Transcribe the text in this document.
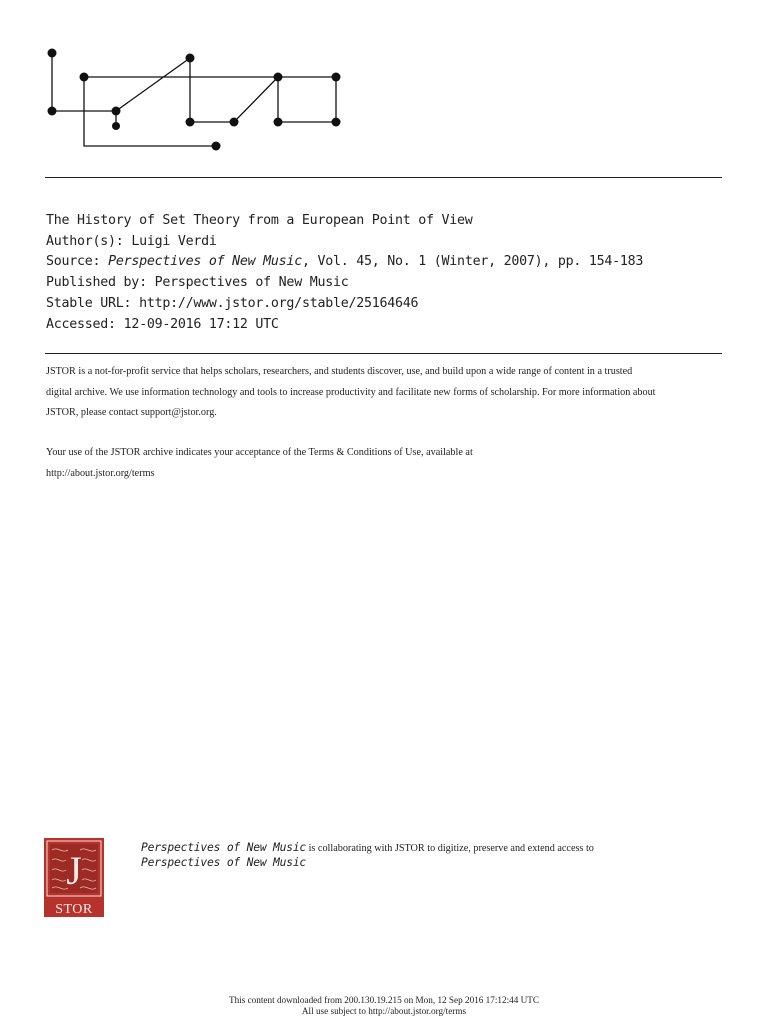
The History of Set Theory from a European Point of View
Author(s): Luigi Verdi
Source: Perspectives of New Music, Vol. 45, No. 1 (Winter, 2007), pp. 154-183
Published by: Perspectives of New Music
Stable URL: http://www.jstor.org/stable/25164646
Accessed: 12-09-2016 17:12 UTC

JSTOR is a not-for-profit service that helps scholars, researchers, and students discover, use, and build upon a wide range of content in a trusted

digital archive. We use information technology and tools to increase productivity and facilitate new forms of scholarship. For more information about

JSTOR, please contact support@jstor.org.

Your use of the JSTOR archive indicates your acceptance of the Terms & Conditions of Use, available at

http://about.jstor.org/terms

J
STOR
Perspectives of New Music is collaborating with JSTOR to digitize, preserve and extend access to
Perspectives of New Music
This content downloaded from 200.130.19.215 on Mon, 12 Sep 2016 17:12:44 UTC
All use subject to http://about.jstor.org/terms
